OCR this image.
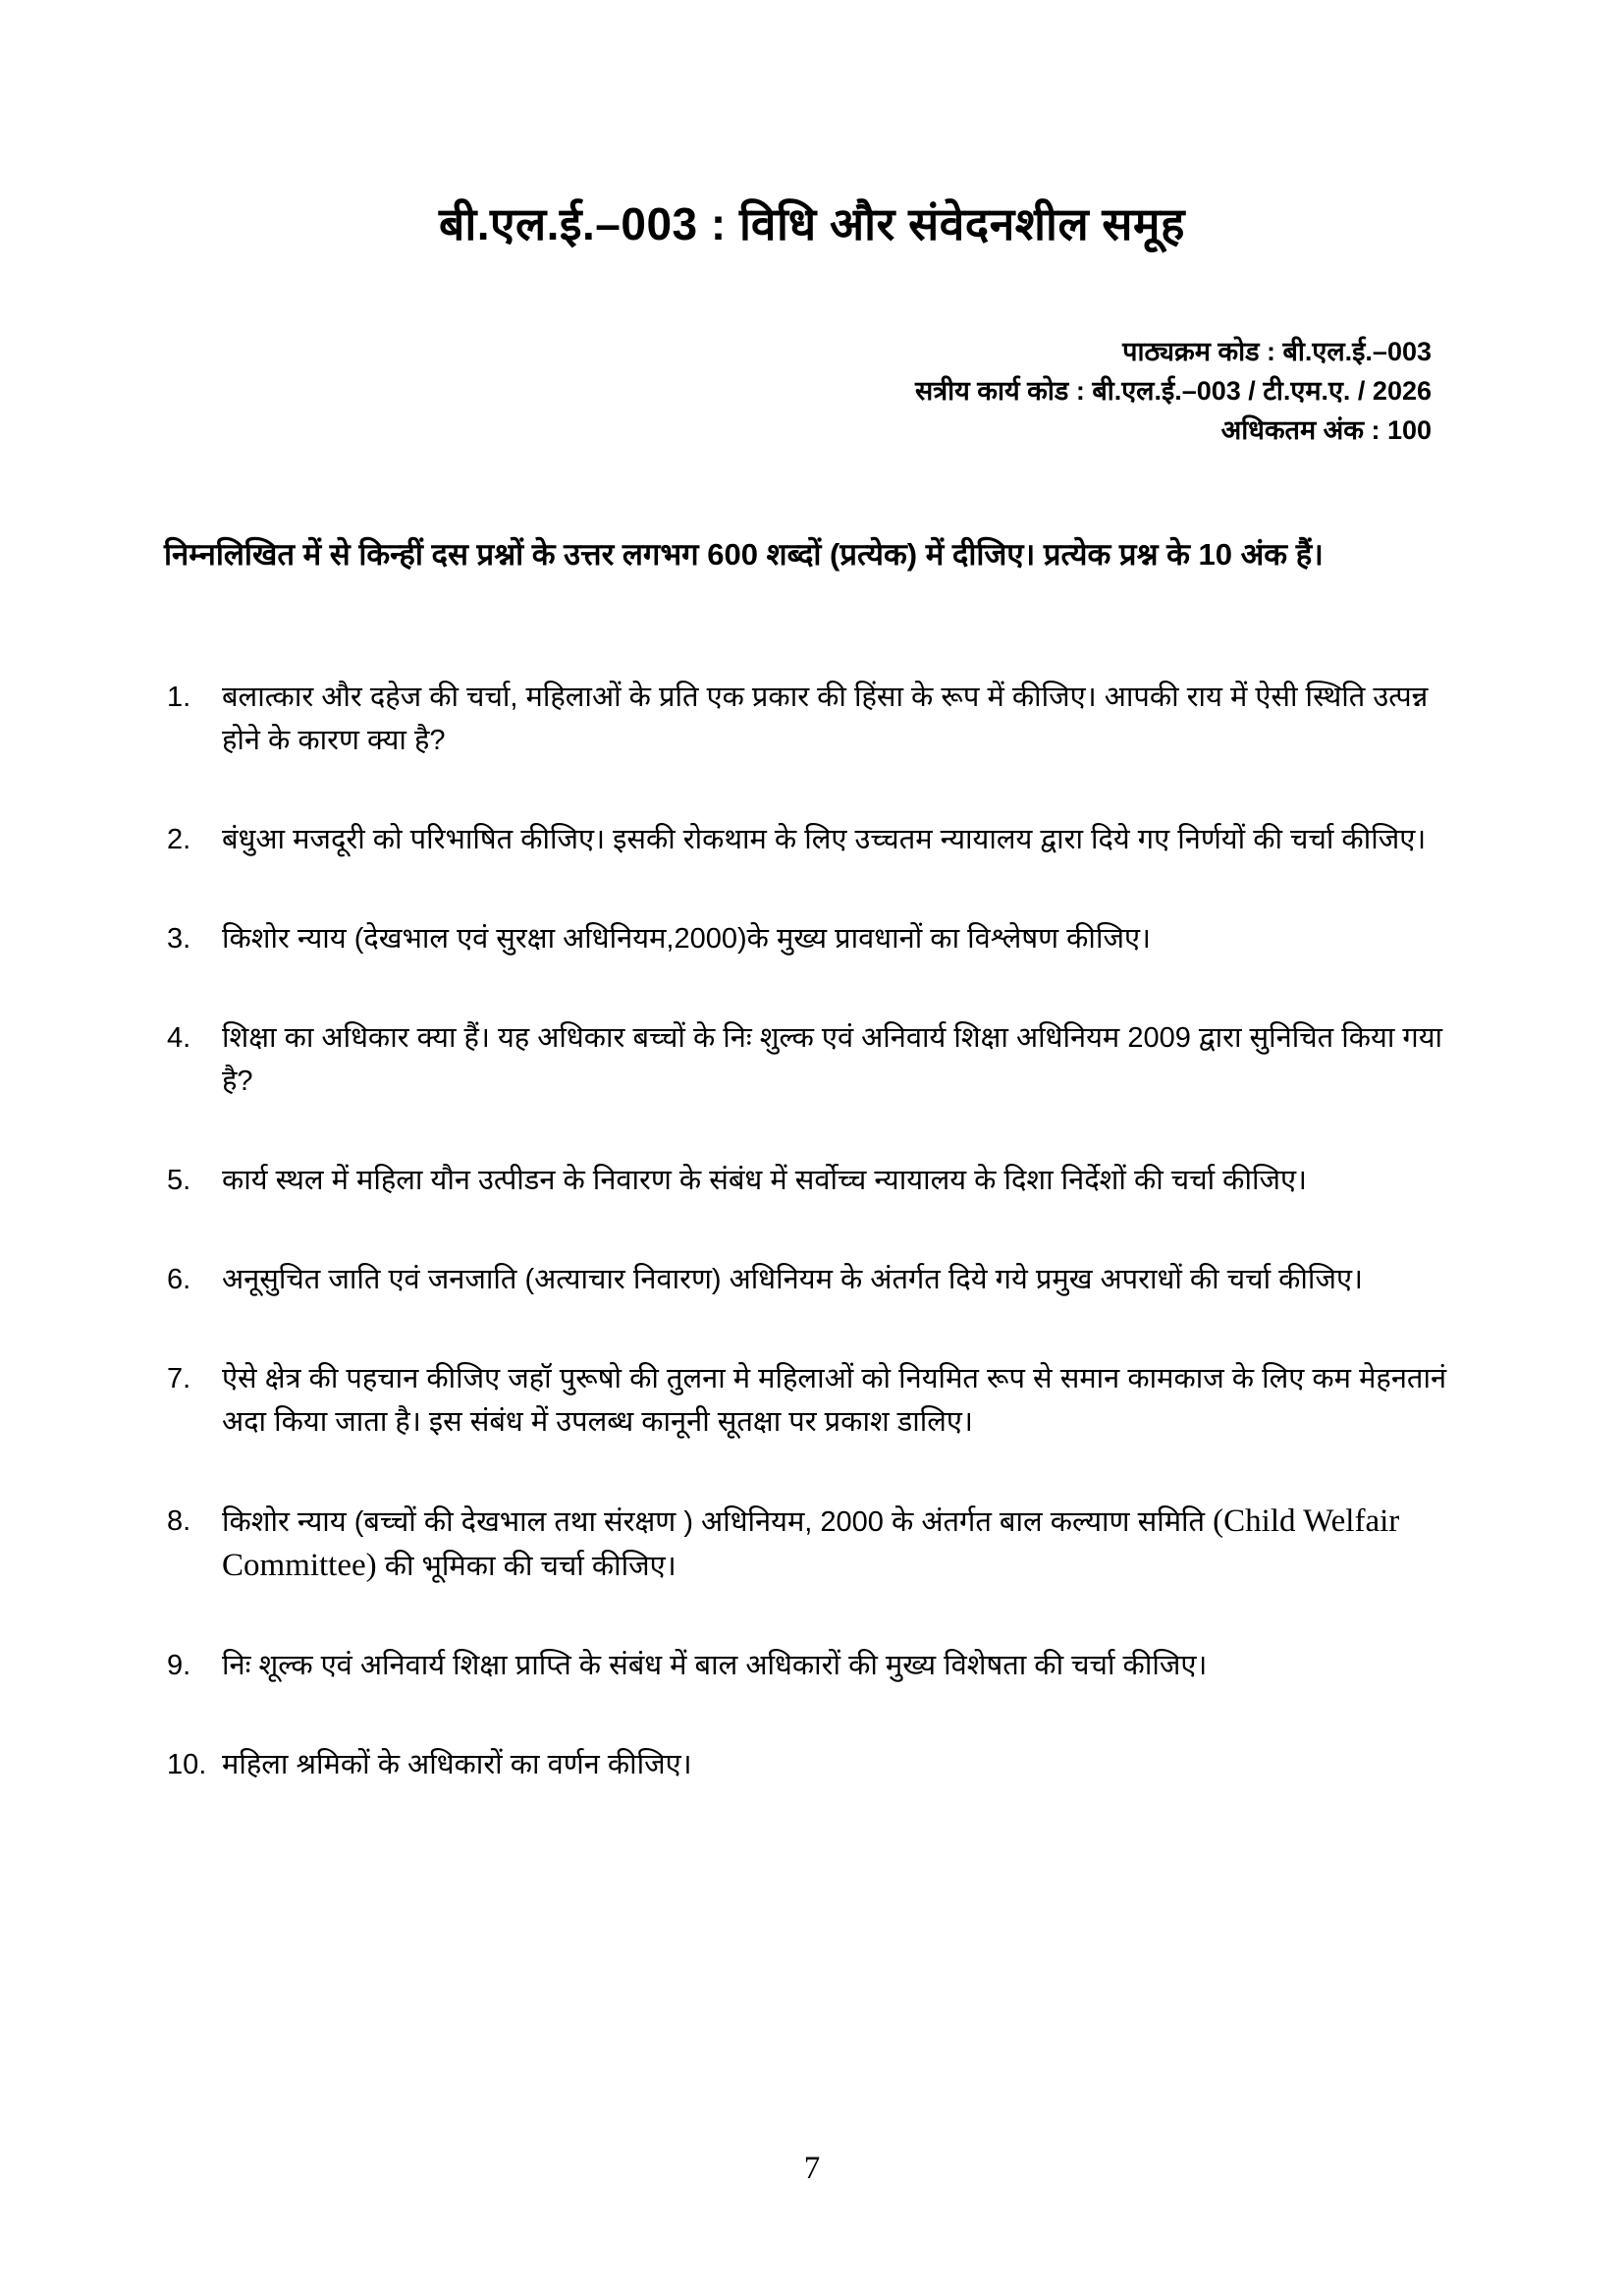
बी.एल.ई.–003 : विधि और संवेदनशील समूह
पाठ्यक्रम कोड : बी.एल.ई.–003
सत्रीय कार्य कोड : बी.एल.ई.–003 / टी.एम.ए. / 2026
अधिकतम अंक : 100
निम्नलिखित में से किन्हीं दस प्रश्नों के उत्तर लगभग 600 शब्दों (प्रत्येक) में दीजिए। प्रत्येक प्रश्न के 10 अंक हैं।
1.	बलात्कार और दहेज की चर्चा, महिलाओं के प्रति एक प्रकार की हिंसा के रूप में कीजिए। आपकी राय में ऐसी स्थिति उत्पन्न होने के कारण क्या है?
2.	बंधुआ मजदूरी को परिभाषित कीजिए। इसकी रोकथाम के लिए उच्चतम न्यायालय द्वारा दिये गए निर्णयों की चर्चा कीजिए।
3.	किशोर न्याय (देखभाल एवं सुरक्षा अधिनियम,2000)के मुख्य प्रावधानों का विश्लेषण कीजिए।
4.	शिक्षा का अधिकार क्या हैं। यह अधिकार बच्चों के निः शुल्क एवं अनिवार्य शिक्षा अधिनियम 2009 द्वारा सुनिचित किया गया है?
5.	कार्य स्थल में महिला यौन उत्पीडन के निवारण के संबंध में सर्वोच्च न्यायालय के दिशा निर्देशों की चर्चा कीजिए।
6.	अनूसुचित जाति एवं जनजाति (अत्याचार निवारण) अधिनियम के अंतर्गत दिये गये प्रमुख अपराधों की चर्चा कीजिए।
7.	ऐसे क्षेत्र की पहचान कीजिए जहॉ पुरूषो की तुलना मे महिलाओं को नियमित रूप से समान कामकाज के लिए कम मेहनतानं अदा किया जाता है। इस संबंध में उपलब्ध कानूनी सूतक्षा पर प्रकाश डालिए।
8.	किशोर न्याय (बच्चों की देखभाल तथा संरक्षण ) अधिनियम, 2000 के अंतर्गत बाल कल्याण समिति (Child Welfair Committee) की भूमिका की चर्चा कीजिए।
9.	निः शूल्क एवं अनिवार्य शिक्षा प्राप्ति के संबंध में बाल अधिकारों की मुख्य विशेषता की चर्चा कीजिए।
10. महिला श्रमिकों के अधिकारों का वर्णन कीजिए।
7
